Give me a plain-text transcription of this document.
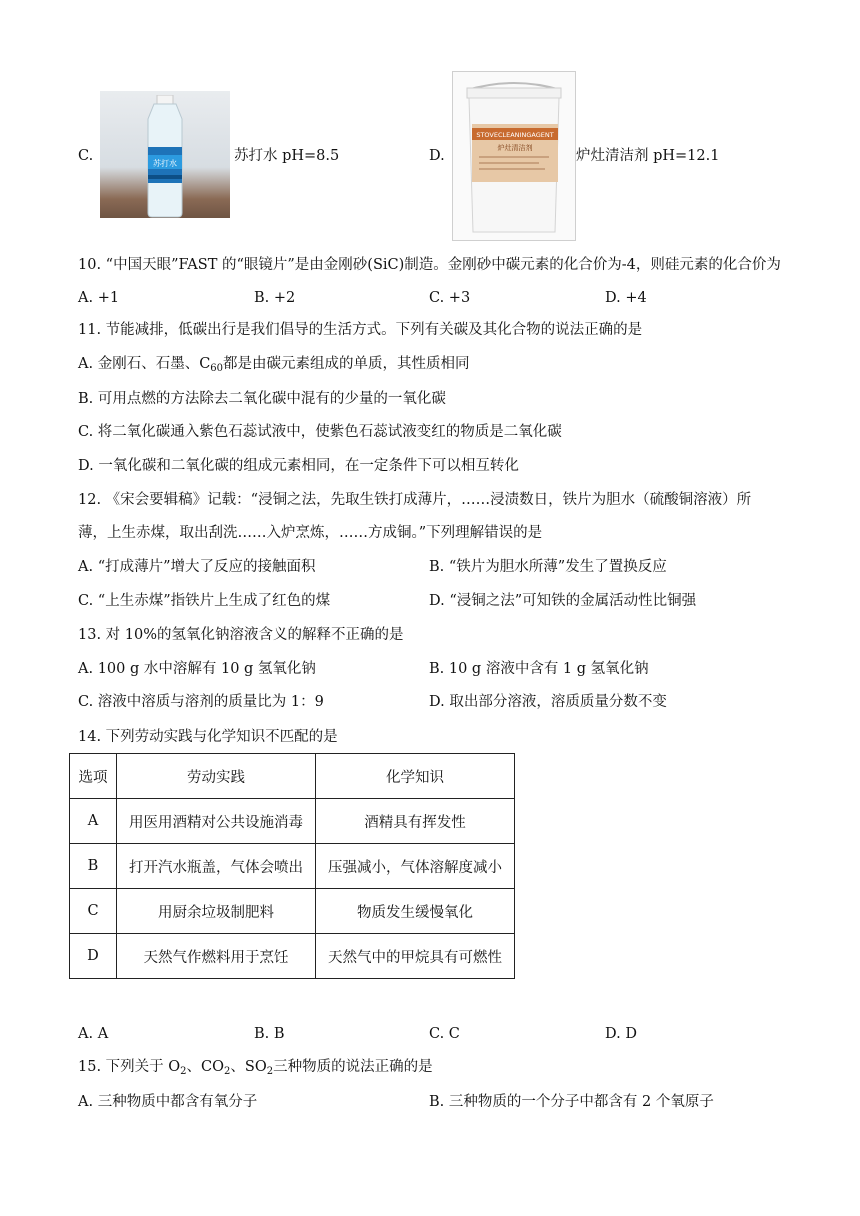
C.	苏打水	苏打水 pH=8.5	D.
STOVECLEANINGAGENT
炉灶清洁剂	炉灶清洁剂 pH=12.1
10. “中国天眼”FAST 的“眼镜片”是由金刚砂(SiC)制造。金刚砂中碳元素的化合价为-4，则硅元素的化合价为
A. +1	B. +2	C. +3	D. +4
11. 节能减排，低碳出行是我们倡导的生活方式。下列有关碳及其化合物的说法正确的是
A. 金刚石、石墨、$C_{60}$都是由碳元素组成的单质，其性质相同
B. 可用点燃的方法除去二氧化碳中混有的少量的一氧化碳
C. 将二氧化碳通入紫色石蕊试液中，使紫色石蕊试液变红的物质是二氧化碳
D. 一氧化碳和二氧化碳的组成元素相同，在一定条件下可以相互转化
12. 《宋会要辑稿》记载：“浸铜之法，先取生铁打成薄片，……浸渍数日，铁片为胆水（硫酸铜溶液）所
薄，上生赤煤，取出刮洗……入炉烹炼，……方成铜。”下列理解错误的是
A. “打成薄片”增大了反应的接触面积	B. “铁片为胆水所薄”发生了置换反应
C. “上生赤煤”指铁片上生成了红色的煤	D. “浸铜之法”可知铁的金属活动性比铜强
13. 对 10%的氢氧化钠溶液含义的解释不正确的是
A. 100 g 水中溶解有 10 g 氢氧化钠	B. 10 g 溶液中含有 1 g 氢氧化钠
C. 溶液中溶质与溶剂的质量比为 1：9	D. 取出部分溶液，溶质质量分数不变
14. 下列劳动实践与化学知识不匹配的是
选项	劳动实践	化学知识
A	用医用酒精对公共设施消毒	酒精具有挥发性
B	打开汽水瓶盖，气体会喷出	压强减小，气体溶解度减小
C	用厨余垃圾制肥料	物质发生缓慢氧化
D	天然气作燃料用于烹饪	天然气中的甲烷具有可燃性
A. A	B. B	C. C	D. D
15. 下列关于 $O_2$、$CO_2$、$SO_2$三种物质的说法正确的是
A. 三种物质中都含有氧分子	B. 三种物质的一个分子中都含有 2 个氧原子
